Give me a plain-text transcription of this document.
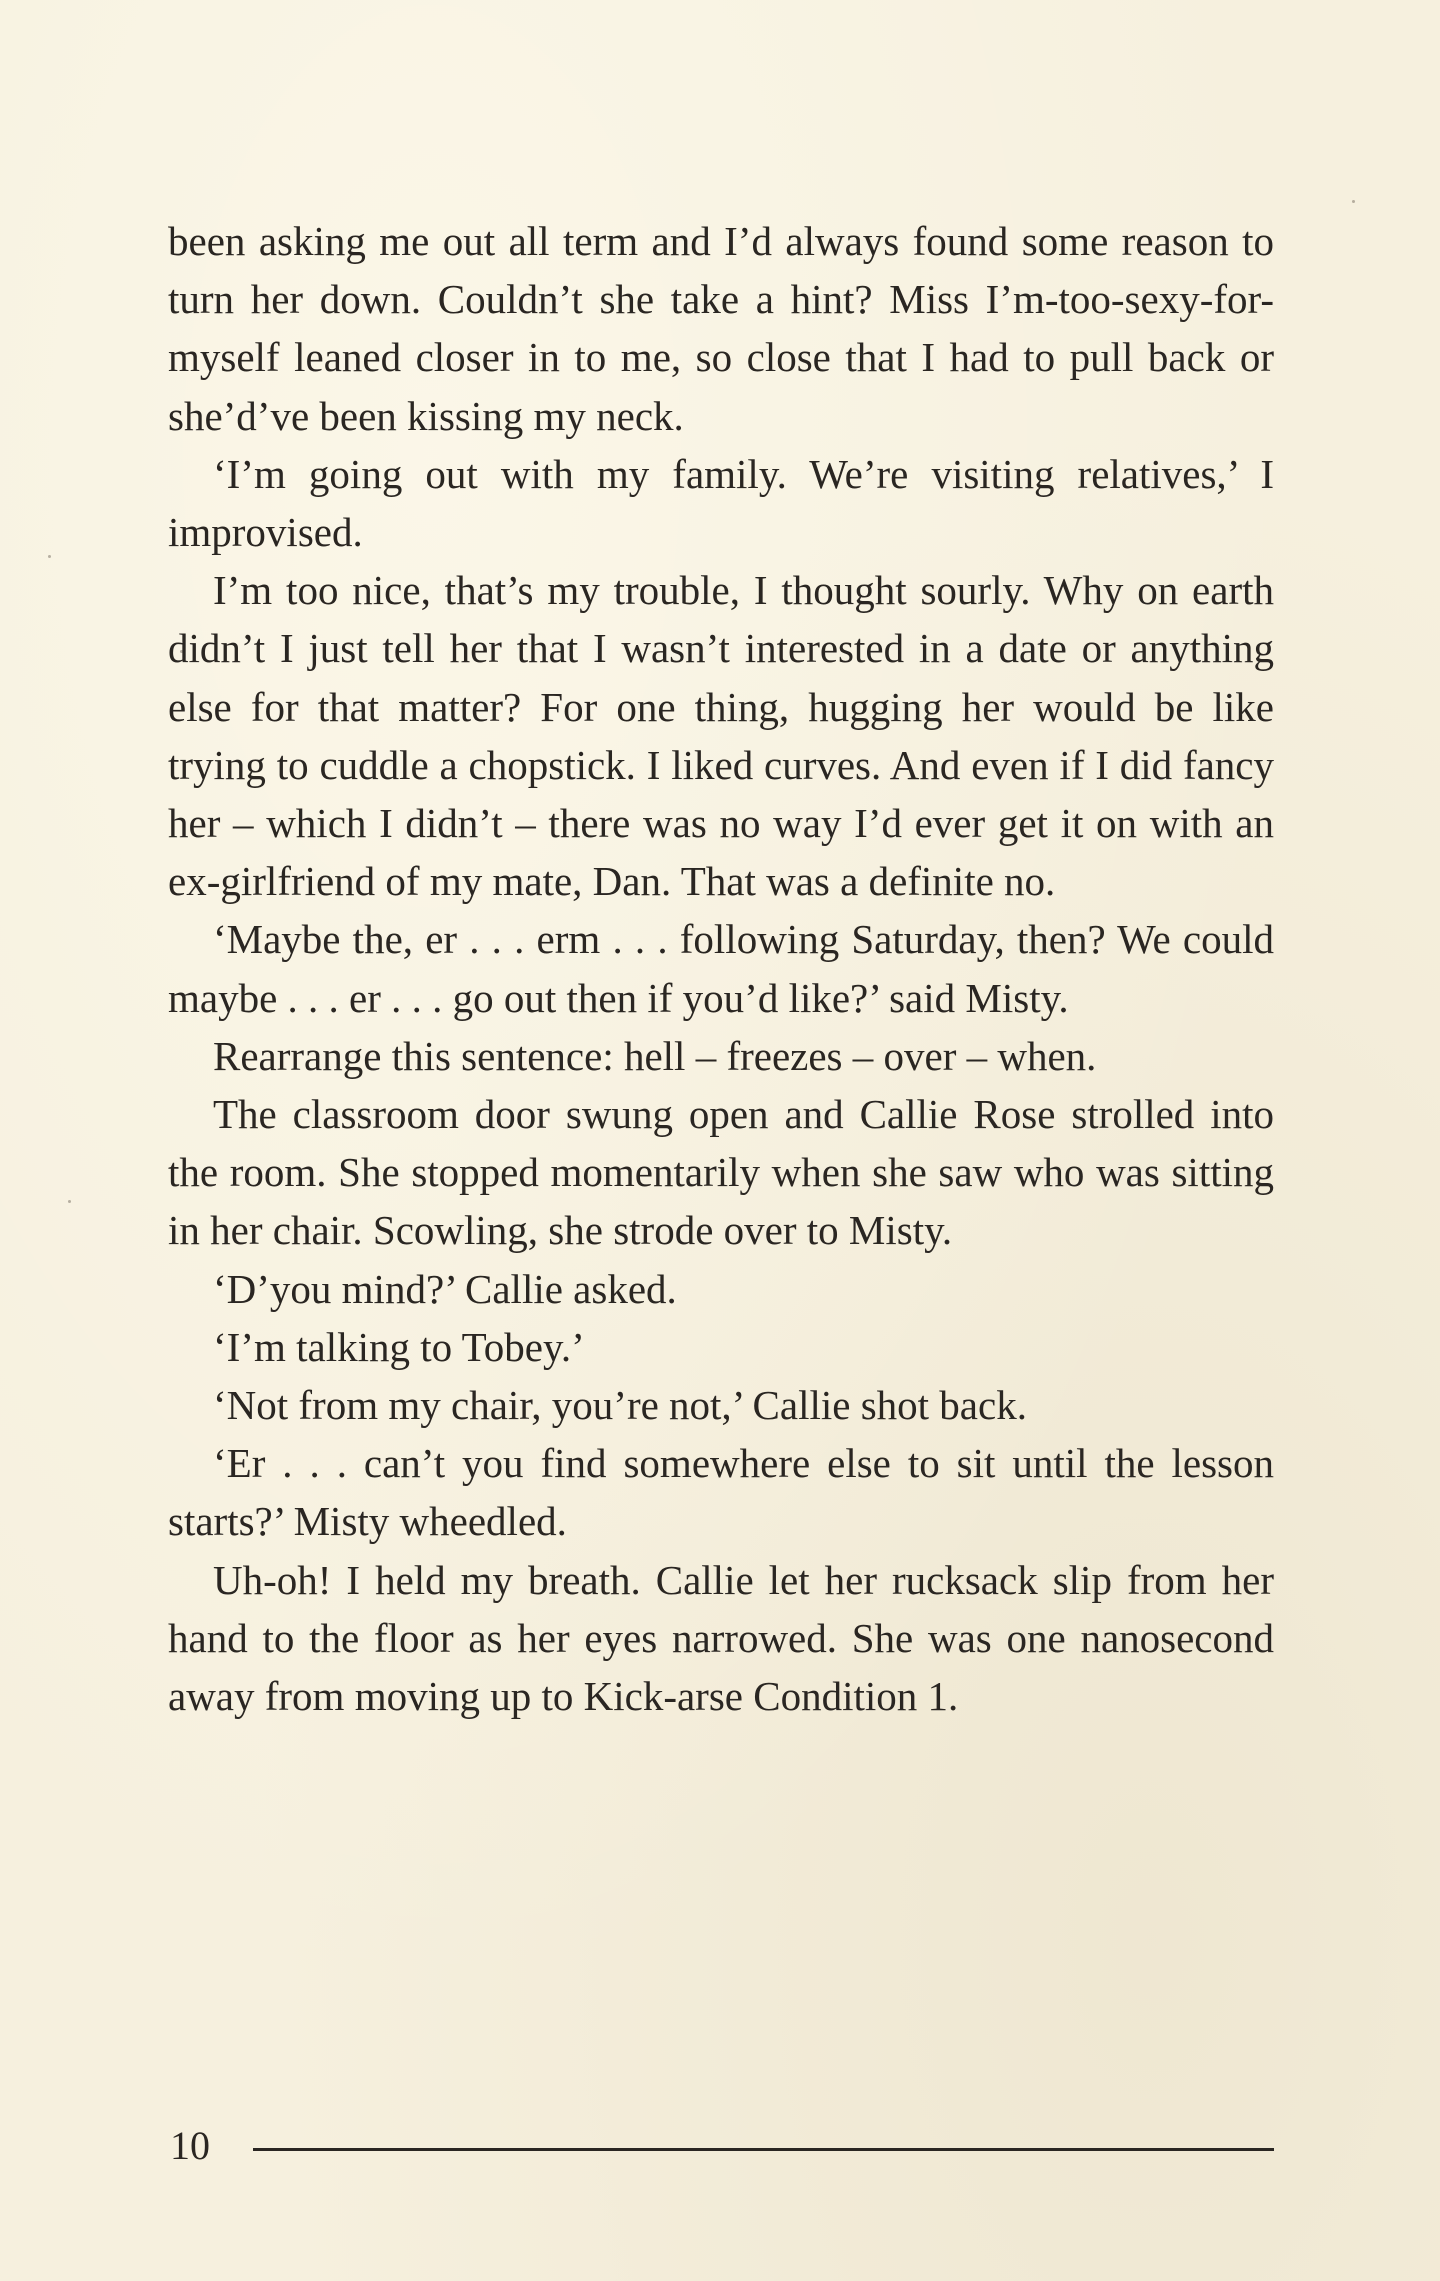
been asking me out all term and I’d always found some reason to turn her down. Couldn’t she take a hint? Miss I’m-too-sexy-for-myself leaned closer in to me, so close that I had to pull back or she’d’ve been kissing my neck.

‘I’m going out with my family. We’re visiting relatives,’ I improvised.

I’m too nice, that’s my trouble, I thought sourly. Why on earth didn’t I just tell her that I wasn’t interested in a date or anything else for that matter? For one thing, hugging her would be like trying to cuddle a chopstick. I liked curves. And even if I did fancy her – which I didn’t – there was no way I’d ever get it on with an ex-girlfriend of my mate, Dan. That was a definite no.

‘Maybe the, er . . . erm . . . following Saturday, then? We could maybe . . . er . . . go out then if you’d like?’ said Misty.

Rearrange this sentence: hell – freezes – over – when.

The classroom door swung open and Callie Rose strolled into the room. She stopped momentarily when she saw who was sitting in her chair. Scowling, she strode over to Misty.

‘D’you mind?’ Callie asked.

‘I’m talking to Tobey.’

‘Not from my chair, you’re not,’ Callie shot back.

‘Er . . . can’t you find somewhere else to sit until the lesson starts?’ Misty wheedled.

Uh-oh! I held my breath. Callie let her rucksack slip from her hand to the floor as her eyes narrowed. She was one nanosecond away from moving up to Kick-arse Condition 1.

10
